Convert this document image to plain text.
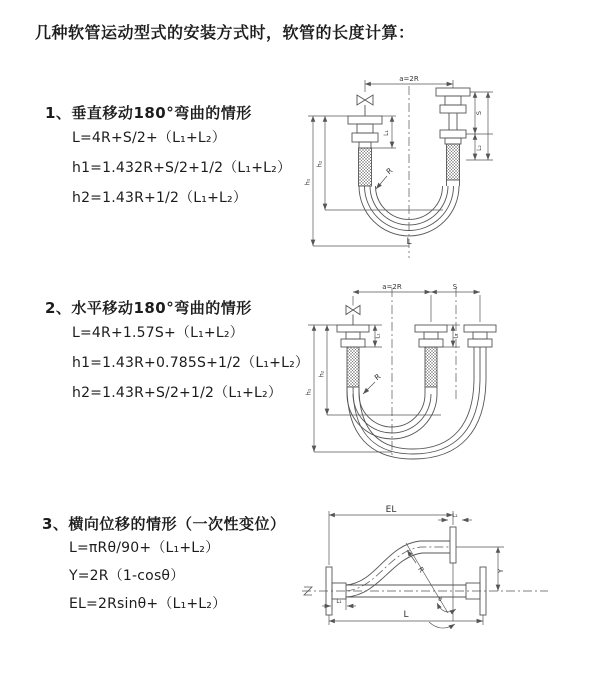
几种软管运动型式的安装方式时，软管的长度计算：
1、垂直移动180°弯曲的情形
L=4R+S/2+（L₁+L₂）
h1=1.432R+S/2+1/2（L₁+L₂）
h2=1.43R+1/2（L₁+L₂）
2、水平移动180°弯曲的情形
L=4R+1.57S+（L₁+L₂）
h1=1.43R+0.785S+1/2（L₁+L₂）
h2=1.43R+S/2+1/2（L₁+L₂）
3、横向位移的情形（一次性变位）
L=πRθ/90+（L₁+L₂）
Y=2R（1-cosθ）
EL=2Rsinθ+（L₁+L₂）
a=2R
L₁
S
L₂
h₁
h₂
R
L
a=2R	S
L₁	L₂
h₁
h₂	R
EL
L₂
Y
R
θ
L
L₁
